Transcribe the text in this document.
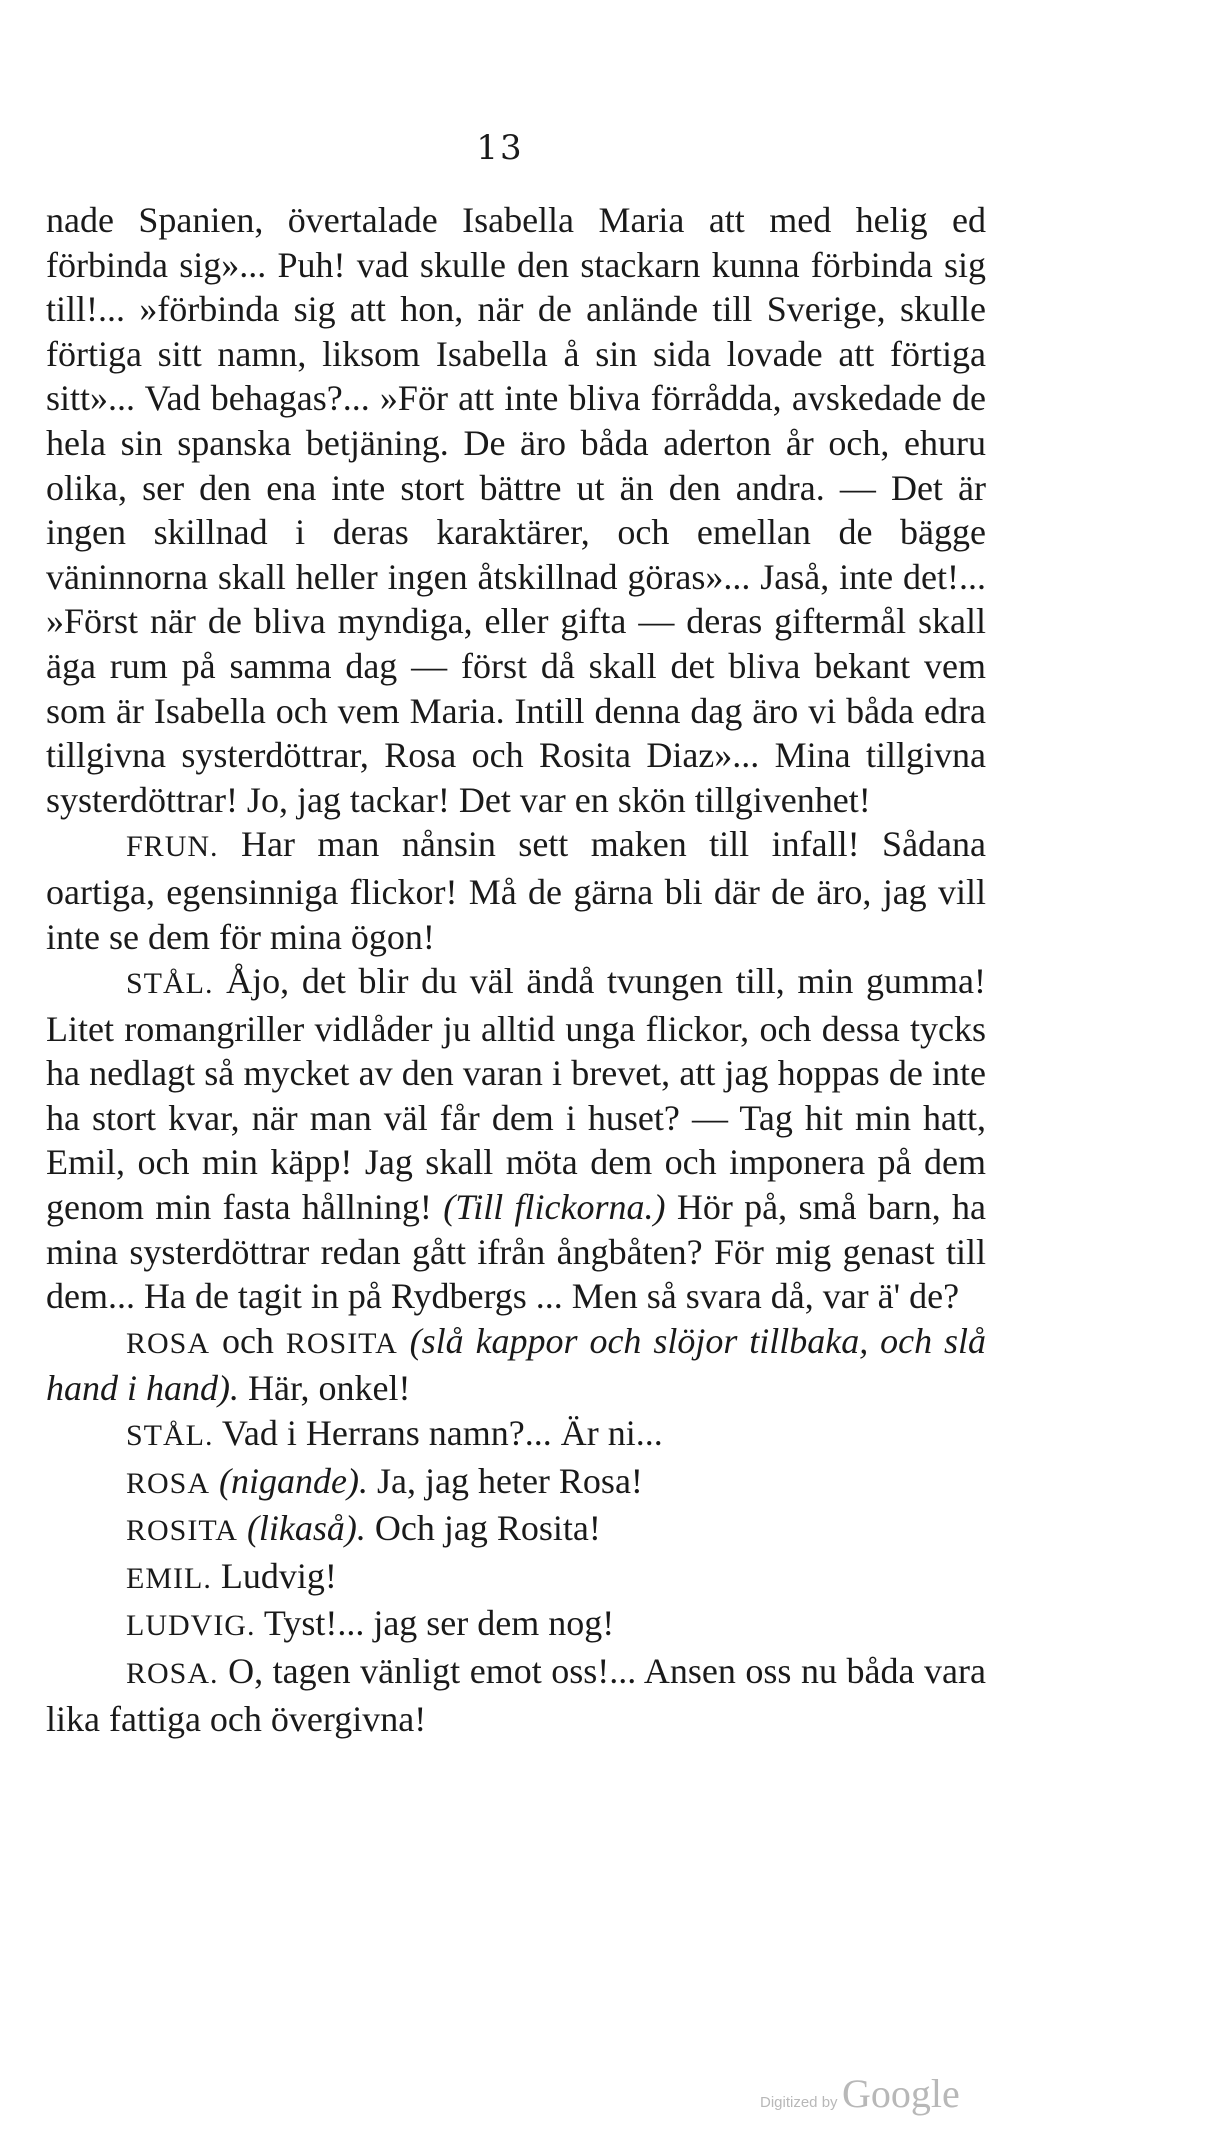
13

nade Spanien, övertalade Isabella Maria att med helig ed förbinda sig»... Puh! vad skulle den stackarn kunna förbinda sig till!... »förbinda sig att hon, när de anlände till Sverige, skulle förtiga sitt namn, liksom Isabella å sin sida lovade att förtiga sitt»... Vad behagas?... »För att inte bliva förrådda, avskedade de hela sin spanska betjäning. De äro båda aderton år och, ehuru olika, ser den ena inte stort bättre ut än den andra. — Det är ingen skillnad i deras karaktärer, och emellan de bägge väninnorna skall heller ingen åtskillnad göras»... Jaså, inte det!... »Först när de bliva myndiga, eller gifta — deras giftermål skall äga rum på samma dag — först då skall det bliva bekant vem som är Isabella och vem Maria. Intill denna dag äro vi båda edra tillgivna systerdöttrar, Rosa och Rosita Diaz»... Mina tillgivna systerdöttrar! Jo, jag tackar! Det var en skön tillgivenhet!

FRUN. Har man nånsin sett maken till infall! Sådana oartiga, egensinniga flickor! Må de gärna bli där de äro, jag vill inte se dem för mina ögon!

STÅL. Åjo, det blir du väl ändå tvungen till, min gumma! Litet romangriller vidlåder ju alltid unga flickor, och dessa tycks ha nedlagt så mycket av den varan i brevet, att jag hoppas de inte ha stort kvar, när man väl får dem i huset? — Tag hit min hatt, Emil, och min käpp! Jag skall möta dem och imponera på dem genom min fasta hållning! (Till flickorna.) Hör på, små barn, ha mina systerdöttrar redan gått ifrån ångbåten? För mig genast till dem... Ha de tagit in på Rydbergs ... Men så svara då, var ä' de?

ROSA och ROSITA (slå kappor och slöjor tillbaka, och slå hand i hand). Här, onkel!

STÅL. Vad i Herrans namn?... Är ni...

ROSA (nigande). Ja, jag heter Rosa!

ROSITA (likaså). Och jag Rosita!

EMIL. Ludvig!

LUDVIG. Tyst!... jag ser dem nog!

ROSA. O, tagen vänligt emot oss!... Ansen oss nu båda vara lika fattiga och övergivna!

Digitized by Google
